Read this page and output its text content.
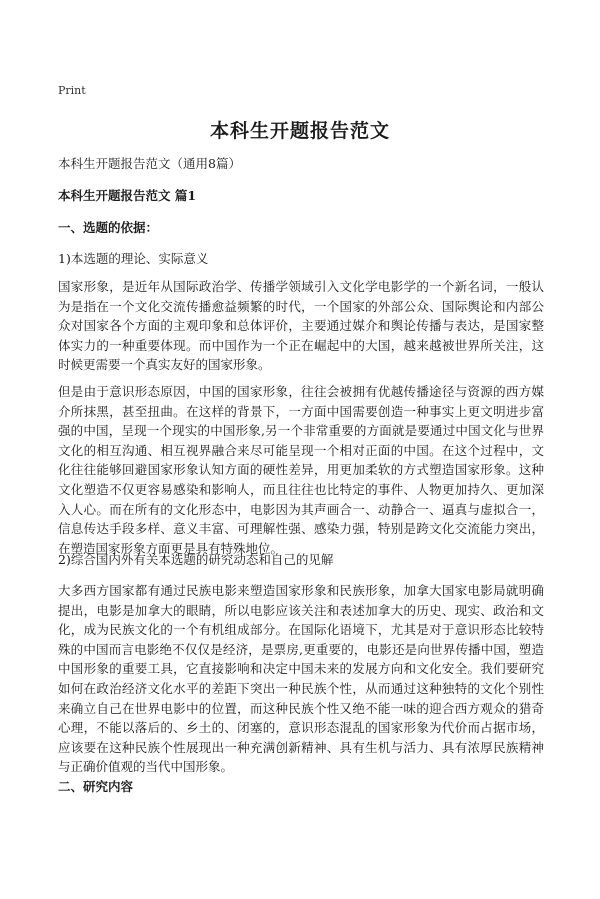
Print
本科生开题报告范文
本科生开题报告范文（通用8篇）
本科生开题报告范文 篇1
一、选题的依据：
1)本选题的理论、实际意义
国家形象，是近年从国际政治学、传播学领域引入文化学电影学的一个新名词，一般认为是指在一个文化交流传播愈益频繁的时代，一个国家的外部公众、国际舆论和内部公众对国家各个方面的主观印象和总体评价，主要通过媒介和舆论传播与表达，是国家整体实力的一种重要体现。而中国作为一个正在崛起中的大国，越来越被世界所关注，这时候更需要一个真实友好的国家形象。
但是由于意识形态原因，中国的国家形象，往往会被拥有优越传播途径与资源的西方媒介所抹黑，甚至扭曲。在这样的背景下，一方面中国需要创造一种事实上更文明进步富强的中国，呈现一个现实的中国形象,另一个非常重要的方面就是要通过中国文化与世界文化的相互沟通、相互视界融合来尽可能呈现一个相对正面的中国。在这个过程中，文化往往能够回避国家形象认知方面的硬性差异，用更加柔软的方式塑造国家形象。这种文化塑造不仅更容易感染和影响人，而且往往也比特定的事件、人物更加持久、更加深入人心。而在所有的文化形态中，电影因为其声画合一、动静合一、逼真与虚拟合一，信息传达手段多样、意义丰富、可理解性强、感染力强，特别是跨文化交流能力突出，在塑造国家形象方面更是具有特殊地位。
2)综合国内外有关本选题的研究动态和自己的见解
大多西方国家都有通过民族电影来塑造国家形象和民族形象，加拿大国家电影局就明确提出，电影是加拿大的眼睛，所以电影应该关注和表述加拿大的历史、现实、政治和文化，成为民族文化的一个有机组成部分。在国际化语境下，尤其是对于意识形态比较特殊的中国而言电影绝不仅仅是经济，是票房,更重要的，电影还是向世界传播中国，塑造中国形象的重要工具，它直接影响和决定中国未来的发展方向和文化安全。我们要研究如何在政治经济文化水平的差距下突出一种民族个性，从而通过这种独特的文化个别性来确立自己在世界电影中的位置，而这种民族个性又绝不能一味的迎合西方观众的猎奇心理，不能以落后的、乡土的、闭塞的，意识形态混乱的国家形象为代价而占据市场，应该要在这种民族个性展现出一种充满创新精神、具有生机与活力、具有浓厚民族精神与正确价值观的当代中国形象。
二、研究内容
